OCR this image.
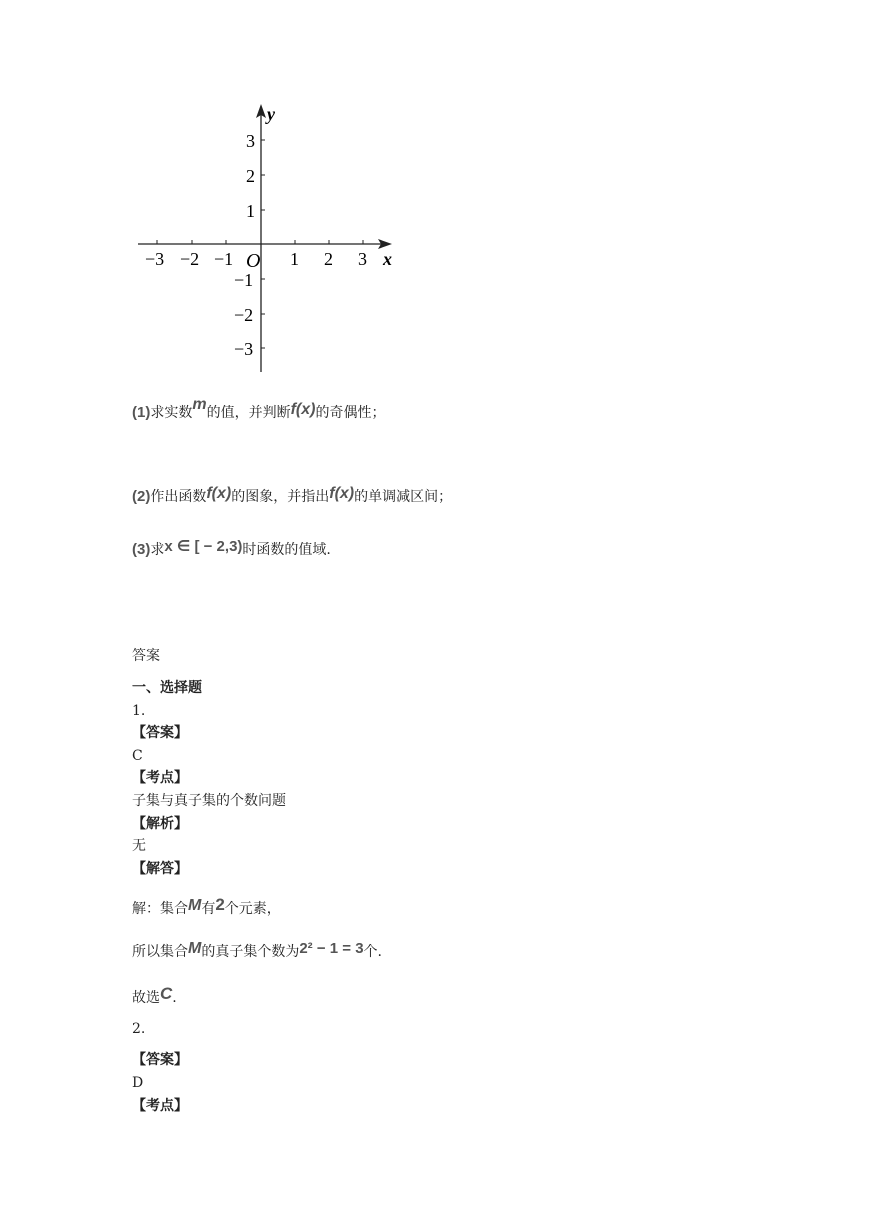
y
x
O
−3 −2 −1	1 2 3
3
2
1
−1
−2
−3
(1)求实数m的值，并判断f(x)的奇偶性；
(2)作出函数f(x)的图象，并指出f(x)的单调减区间；
(3)求x ∈ [ − 2,3)时函数的值域.
答案
一、选择题
1.
【答案】
C
【考点】
子集与真子集的个数问题
【解析】
无
【解答】
解：集合M有2个元素，
所以集合M的真子集个数为2² − 1 = 3个.
故选C.
2.
【答案】
D
【考点】
